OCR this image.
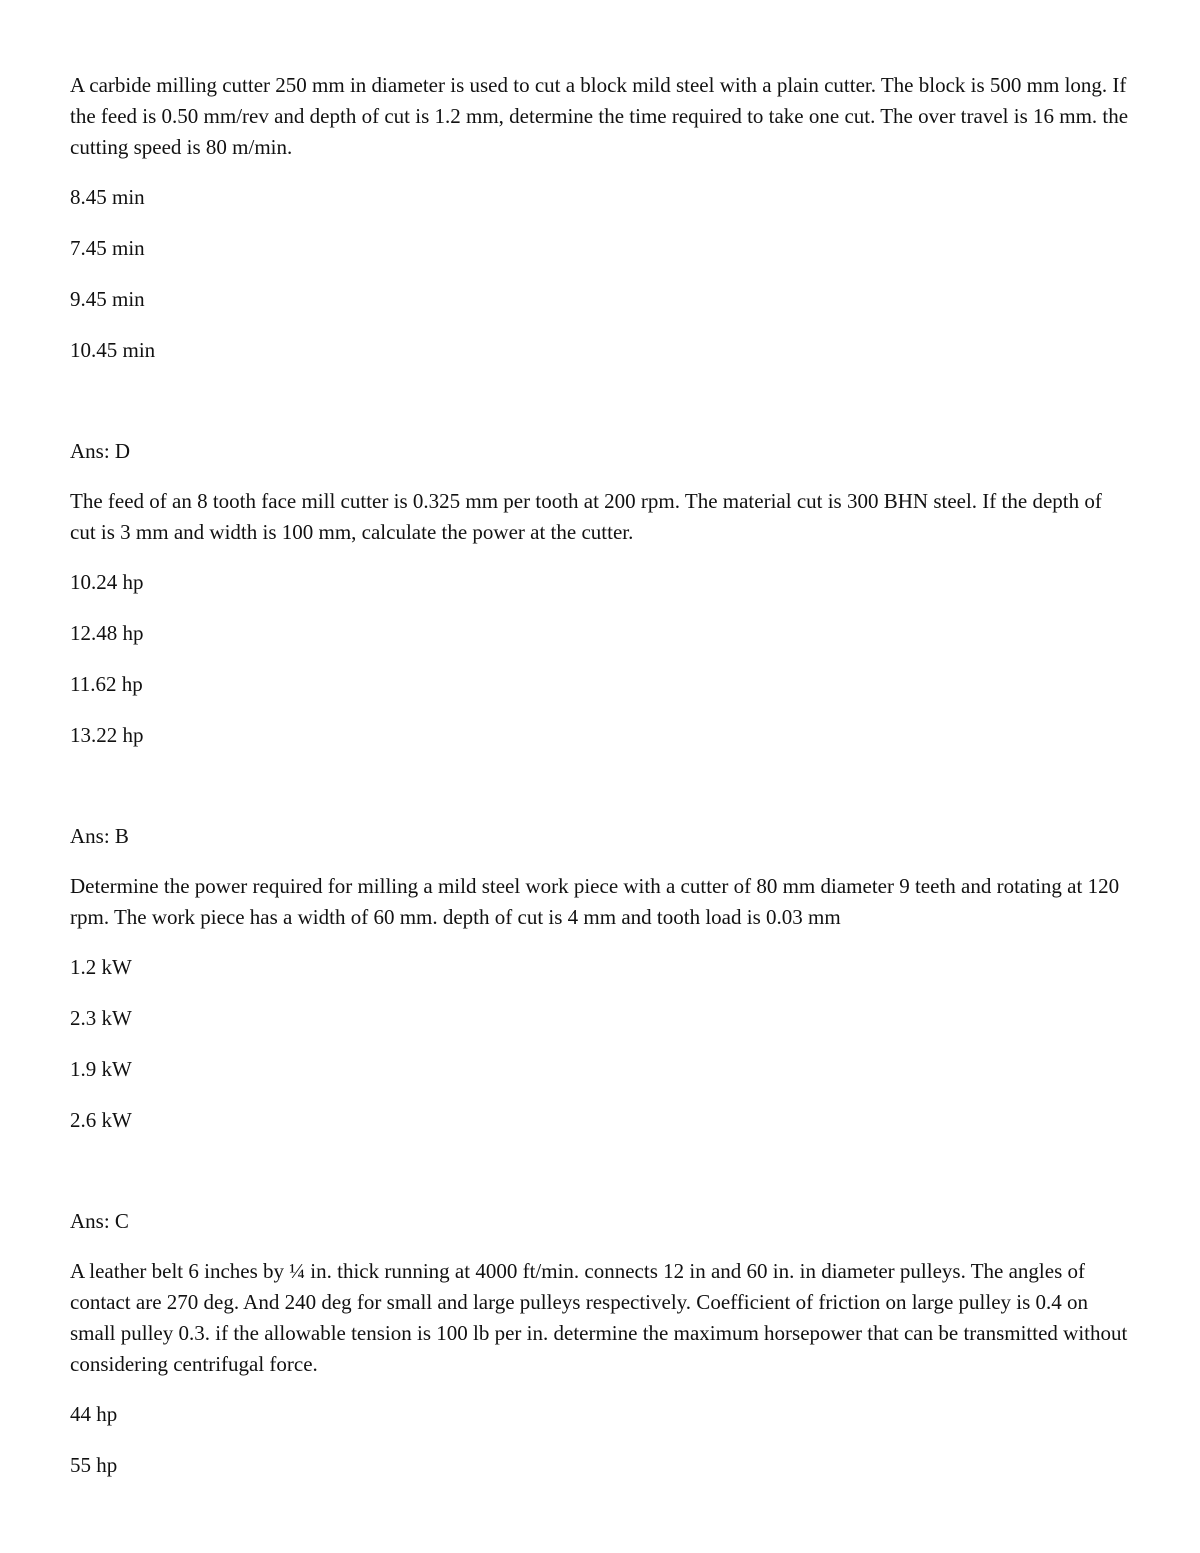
A carbide milling cutter 250 mm in diameter is used to cut a block mild steel with a plain cutter. The block is 500 mm long. If the feed is 0.50 mm/rev and depth of cut is 1.2 mm, determine the time required to take one cut. The over travel is 16 mm. the cutting speed is 80 m/min.

8.45 min

7.45 min

9.45 min

10.45 min

Ans: D

The feed of an 8 tooth face mill cutter is 0.325 mm per tooth at 200 rpm. The material cut is 300 BHN steel. If the depth of cut is 3 mm and width is 100 mm, calculate the power at the cutter.

10.24 hp

12.48 hp

11.62 hp

13.22 hp

Ans: B

Determine the power required for milling a mild steel work piece with a cutter of 80 mm diameter 9 teeth and rotating at 120 rpm. The work piece has a width of 60 mm. depth of cut is 4 mm and tooth load is 0.03 mm

1.2 kW

2.3 kW

1.9 kW

2.6 kW

Ans: C

A leather belt 6 inches by ¼ in. thick running at 4000 ft/min. connects 12 in and 60 in. in diameter pulleys. The angles of contact are 270 deg. And 240 deg for small and large pulleys respectively. Coefficient of friction on large pulley is 0.4 on small pulley 0.3. if the allowable tension is 100 lb per in. determine the maximum horsepower that can be transmitted without considering centrifugal force.

44 hp

55 hp
